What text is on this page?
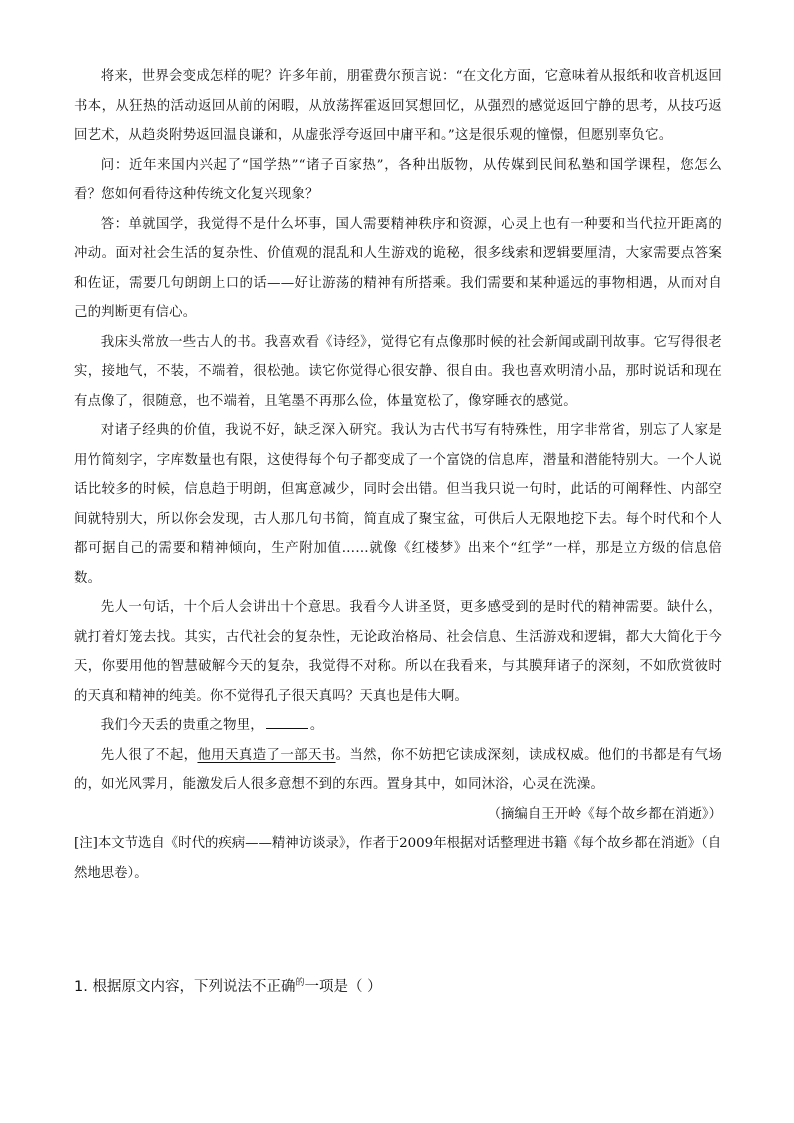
将来，世界会变成怎样的呢？许多年前，朋霍费尔预言说：“在文化方面，它意味着从报纸和收音机返回书本，从狂热的活动返回从前的闲暇，从放荡挥霍返回冥想回忆，从强烈的感觉返回宁静的思考，从技巧返回艺术，从趋炎附势返回温良谦和，从虚张浮夸返回中庸平和。”这是很乐观的憧憬，但愿别辜负它。

问：近年来国内兴起了“国学热”“诸子百家热”，各种出版物，从传媒到民间私塾和国学课程，您怎么看？您如何看待这种传统文化复兴现象？

答：单就国学，我觉得不是什么坏事，国人需要精神秩序和资源，心灵上也有一种要和当代拉开距离的冲动。面对社会生活的复杂性、价值观的混乱和人生游戏的诡秘，很多线索和逻辑要厘清，大家需要点答案和佐证，需要几句朗朗上口的话——好让游荡的精神有所搭乘。我们需要和某种遥远的事物相遇，从而对自己的判断更有信心。

我床头常放一些古人的书。我喜欢看《诗经》，觉得它有点像那时候的社会新闻或副刊故事。它写得很老实，接地气，不装，不端着，很松弛。读它你觉得心很安静、很自由。我也喜欢明清小品，那时说话和现在有点像了，很随意，也不端着，且笔墨不再那么俭，体量宽松了，像穿睡衣的感觉。

对诸子经典的价值，我说不好，缺乏深入研究。我认为古代书写有特殊性，用字非常省，别忘了人家是用竹简刻字，字库数量也有限，这使得每个句子都变成了一个富饶的信息库，潜量和潜能特别大。一个人说话比较多的时候，信息趋于明朗，但寓意减少，同时会出错。但当我只说一句时，此话的可阐释性、内部空间就特别大，所以你会发现，古人那几句书简，简直成了聚宝盆，可供后人无限地挖下去。每个时代和个人都可据自己的需要和精神倾向，生产附加值……就像《红楼梦》出来个“红学”一样，那是立方级的信息倍数。

先人一句话，十个后人会讲出十个意思。我看今人讲圣贤，更多感受到的是时代的精神需要。缺什么，就打着灯笼去找。其实，古代社会的复杂性，无论政治格局、社会信息、生活游戏和逻辑，都大大简化于今天，你要用他的智慧破解今天的复杂，我觉得不对称。所以在我看来，与其膜拜诸子的深刻，不如欣赏彼时的天真和精神的纯美。你不觉得孔子很天真吗？天真也是伟大啊。

我们今天丢的贵重之物里，	。

先人很了不起，他用天真造了一部天书。当然，你不妨把它读成深刻，读成权威。他们的书都是有气场的，如光风霁月，能激发后人很多意想不到的东西。置身其中，如同沐浴，心灵在洗澡。

（摘编自王开岭《每个故乡都在消逝》）

[注]本文节选自《时代的疾病——精神访谈录》，作者于2009年根据对话整理进书籍《每个故乡都在消逝》（自然地思卷）。

1. 根据原文内容，下列说法不正确$^的$一项是（ ）
